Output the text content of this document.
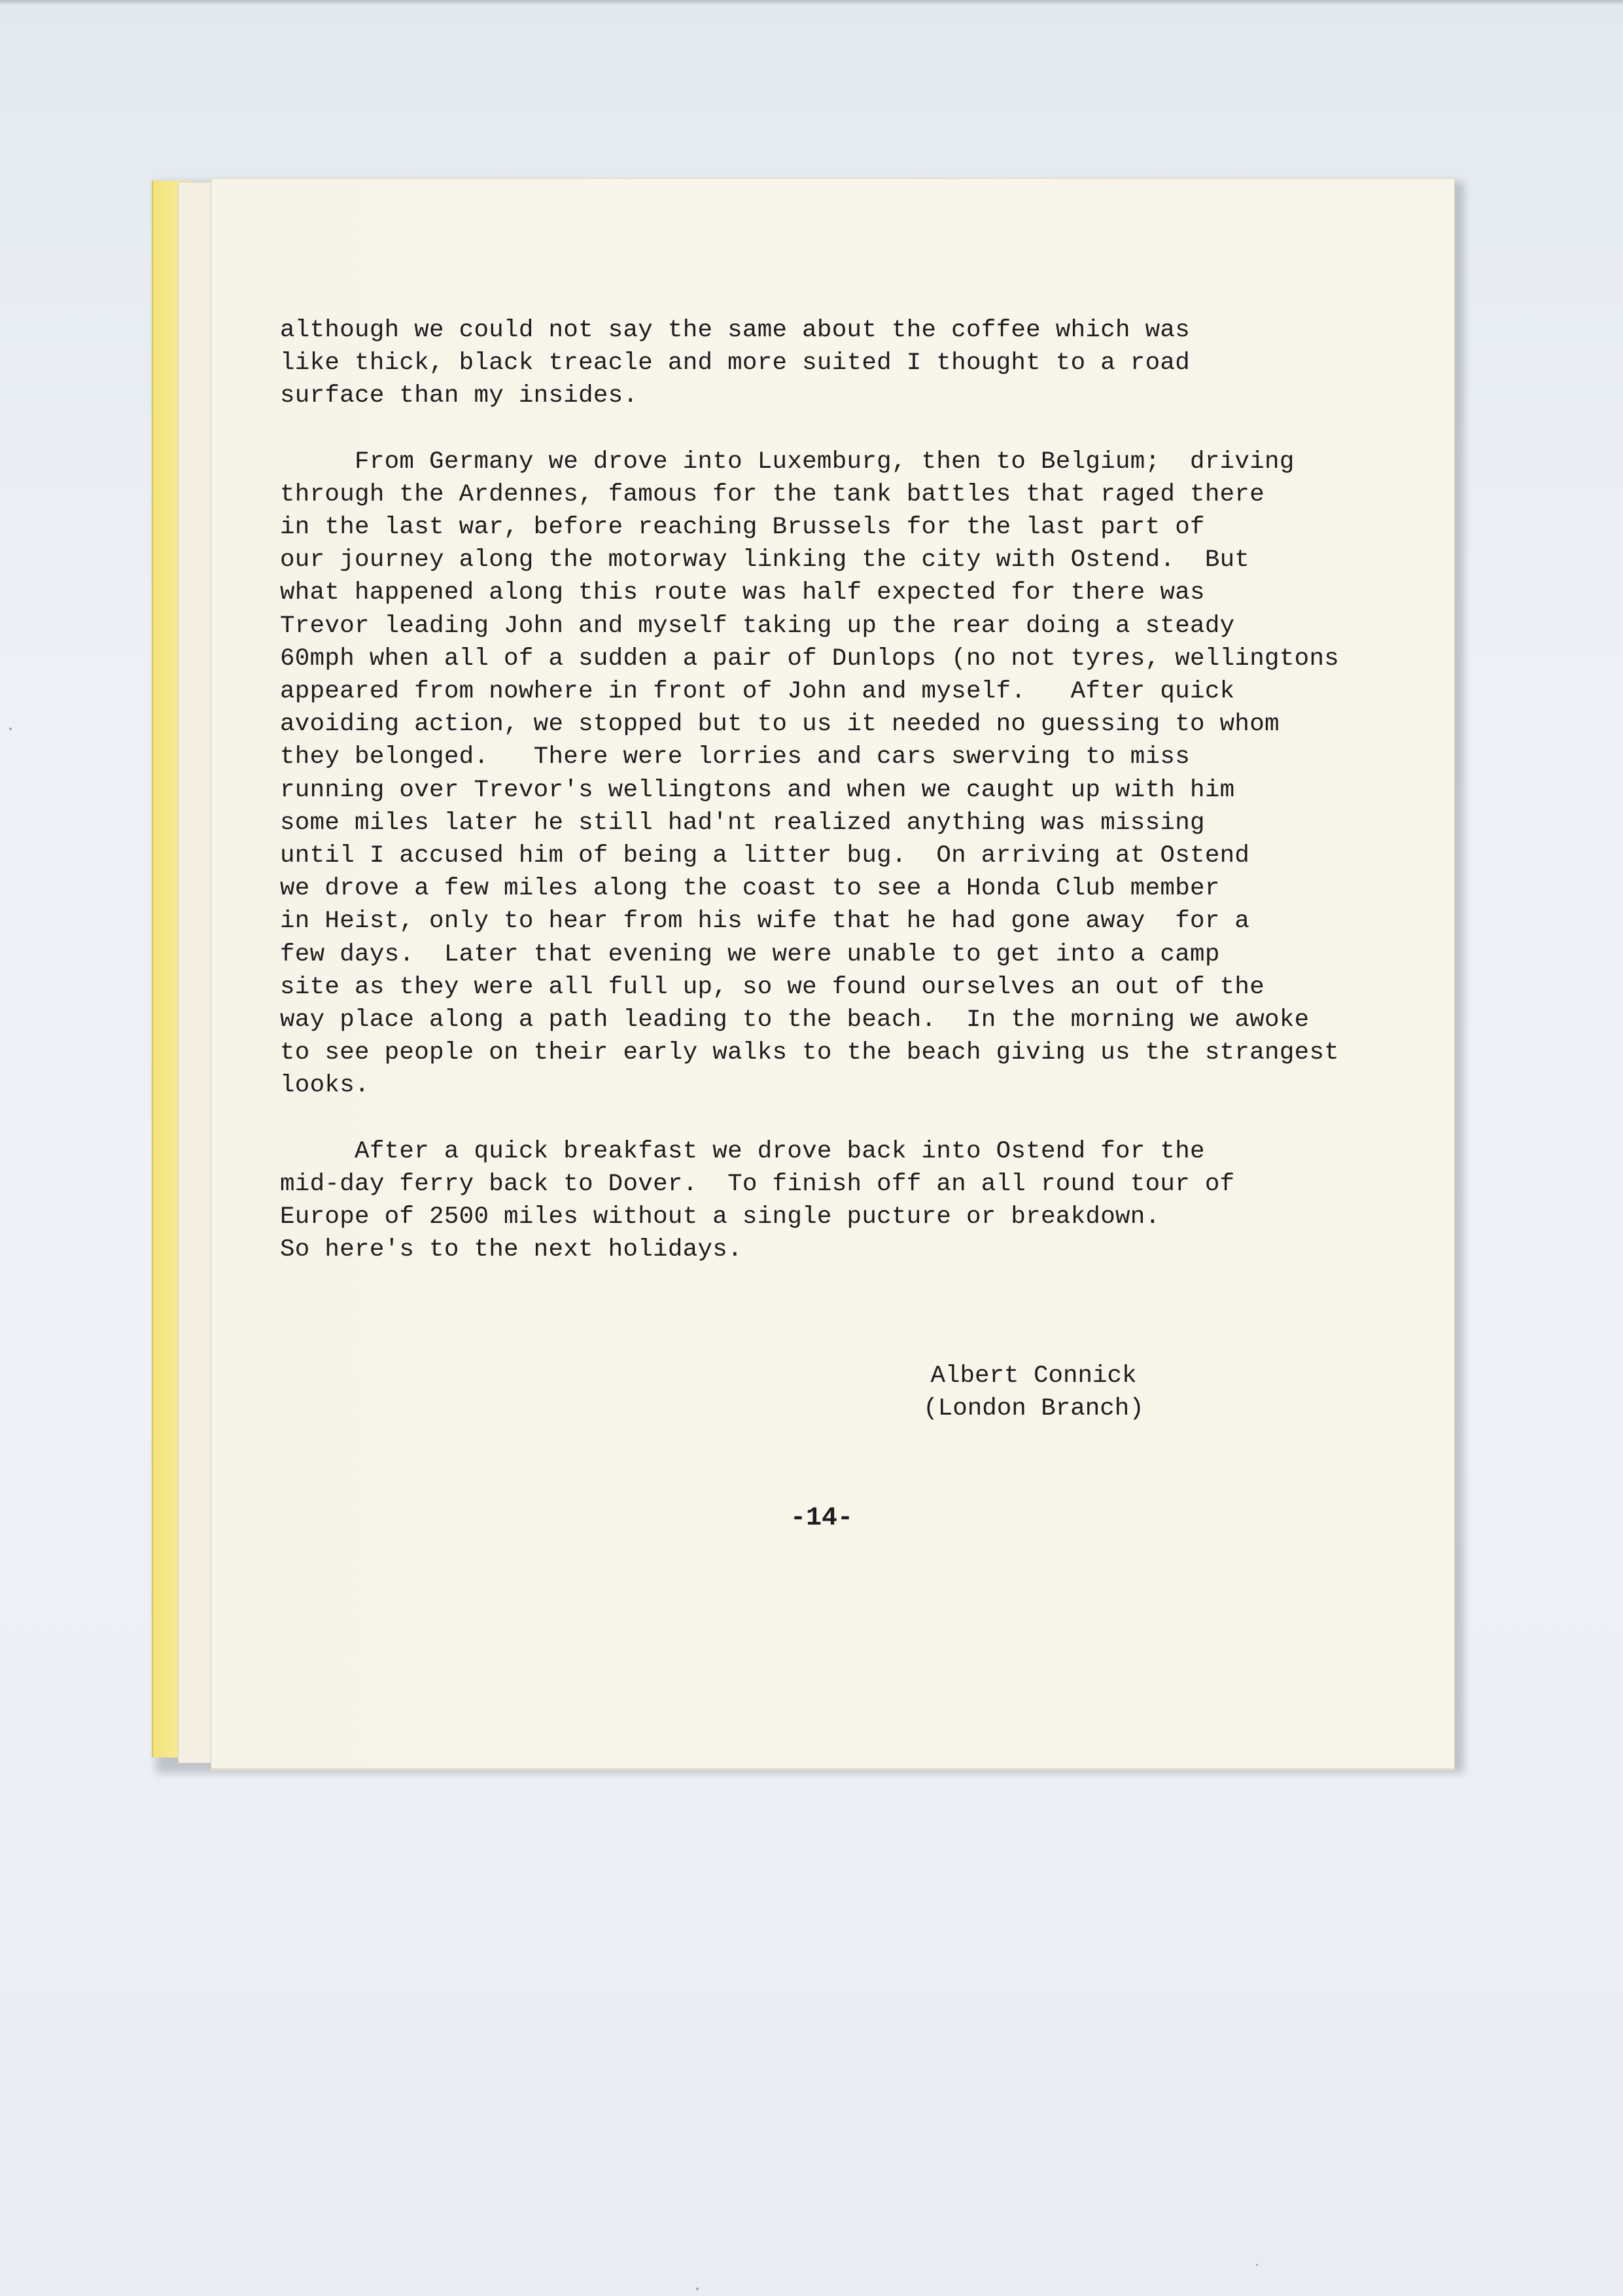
although we could not say the same about the coffee which was

like thick, black treacle and more suited I thought to a road

surface than my insides.

From Germany we drove into Luxemburg, then to Belgium;  driving

through the Ardennes, famous for the tank battles that raged there

in the last war, before reaching Brussels for the last part of

our journey along the motorway linking the city with Ostend.  But

what happened along this route was half expected for there was

Trevor leading John and myself taking up the rear doing a steady

60mph when all of a sudden a pair of Dunlops (no not tyres, wellingtons

appeared from nowhere in front of John and myself.   After quick

avoiding action, we stopped but to us it needed no guessing to whom

they belonged.   There were lorries and cars swerving to miss

running over Trevor's wellingtons and when we caught up with him

some miles later he still had'nt realized anything was missing

until I accused him of being a litter bug.  On arriving at Ostend

we drove a few miles along the coast to see a Honda Club member

in Heist, only to hear from his wife that he had gone away  for a

few days.  Later that evening we were unable to get into a camp

site as they were all full up, so we found ourselves an out of the

way place along a path leading to the beach.  In the morning we awoke

to see people on their early walks to the beach giving us the strangest

looks.

After a quick breakfast we drove back into Ostend for the

mid-day ferry back to Dover.  To finish off an all round tour of

Europe of 2500 miles without a single pucture or breakdown.

So here's to the next holidays.

Albert Connick
(London Branch)
-14-
